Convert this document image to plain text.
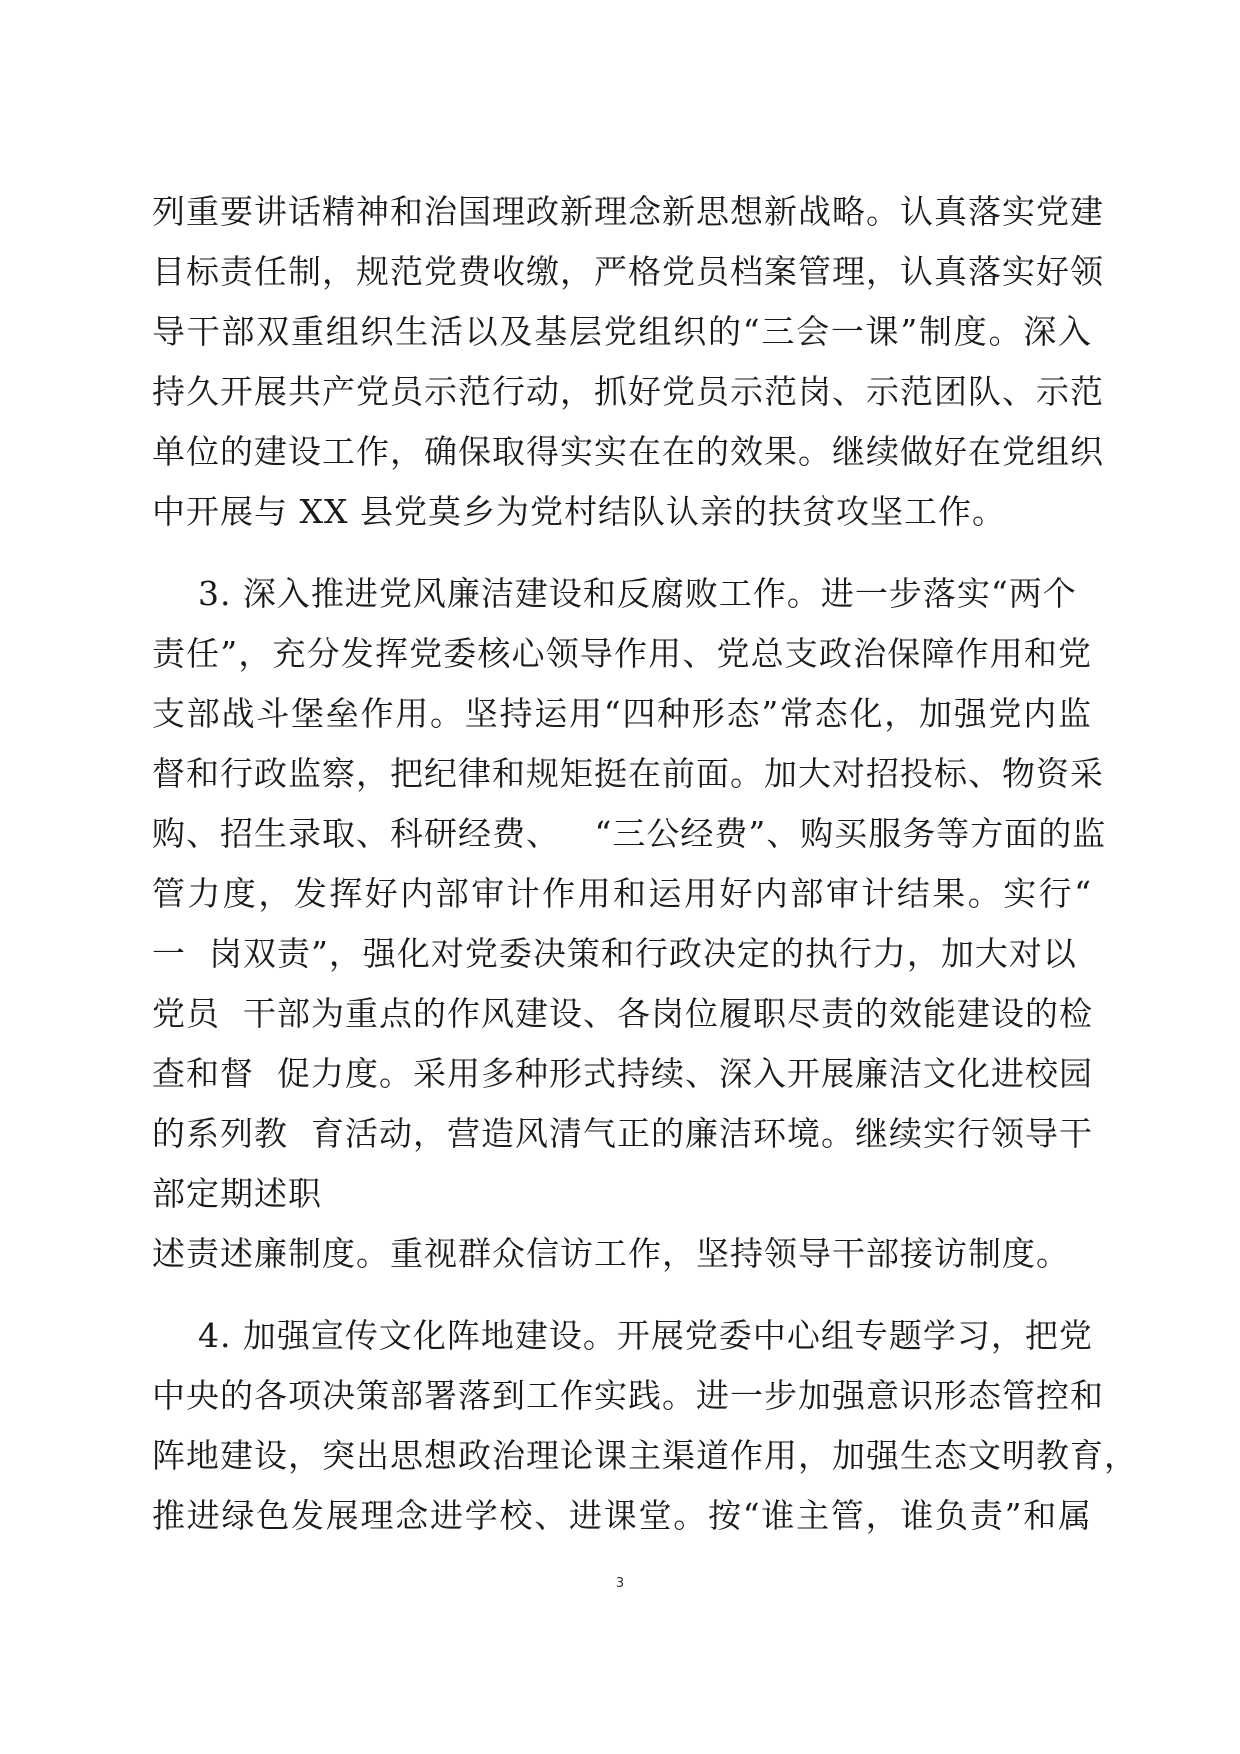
列重要讲话精神和治国理政新理念新思想新战略。认真落实党建
目标责任制，规范党费收缴，严格党员档案管理，认真落实好领
导干部双重组织生活以及基层党组织的“三会一课”制度。深入
持久开展共产党员示范行动，抓好党员示范岗、示范团队、示范
单位的建设工作，确保取得实实在在的效果。继续做好在党组织
中开展与 XX 县党莫乡为党村结队认亲的扶贫攻坚工作。
3. 深入推进党风廉洁建设和反腐败工作。进一步落实“两个
责任”，充分发挥党委核心领导作用、党总支政治保障作用和党
支部战斗堡垒作用。坚持运用“四种形态”常态化，加强党内监
督和行政监察，把纪律和规矩挺在前面。加大对招投标、物资采
购、招生录取、科研经费、   “三公经费”、购买服务等方面的监
管力度，发挥好内部审计作用和运用好内部审计结果。实行“
一  岗双责”，强化对党委决策和行政决定的执行力，加大对以
党员  干部为重点的作风建设、各岗位履职尽责的效能建设的检
查和督  促力度。采用多种形式持续、深入开展廉洁文化进校园
的系列教  育活动，营造风清气正的廉洁环境。继续实行领导干
部定期述职
述责述廉制度。重视群众信访工作，坚持领导干部接访制度。
4. 加强宣传文化阵地建设。开展党委中心组专题学习，把党
中央的各项决策部署落到工作实践。进一步加强意识形态管控和
阵地建设，突出思想政治理论课主渠道作用，加强生态文明教育，
推进绿色发展理念进学校、进课堂。按“谁主管，谁负责”和属
3
